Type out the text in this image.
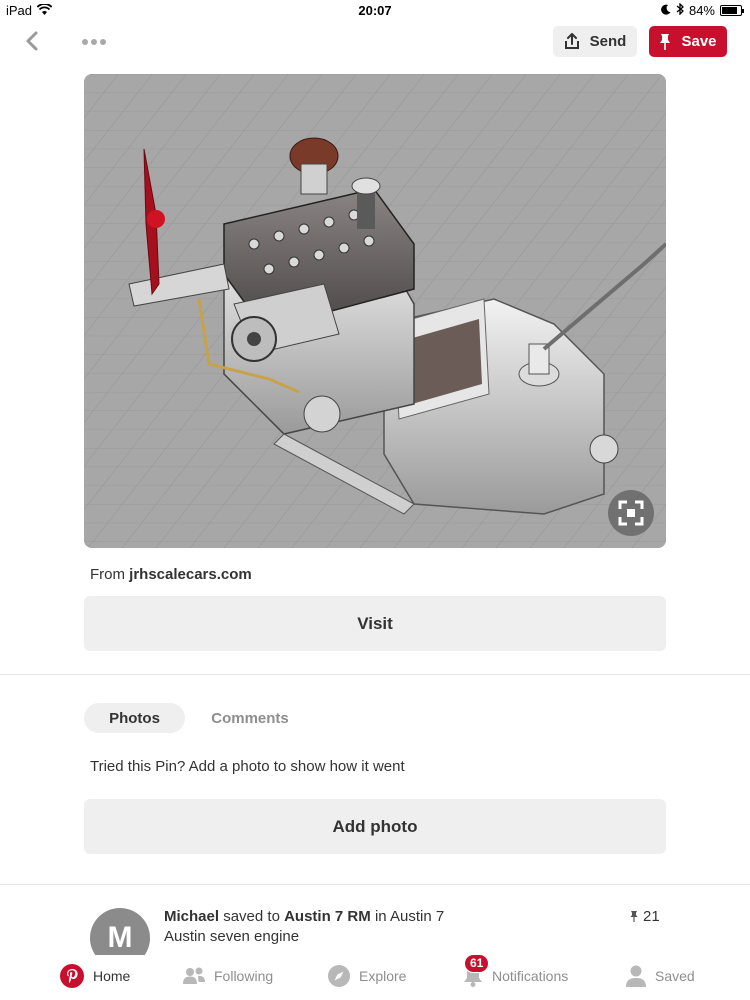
iPad	20:07	84%
Send	Save
From jrhscalecars.com
Visit
Photos	Comments
Tried this Pin? Add a photo to show how it went
Add photo
M
Michael saved to Austin 7 RM in Austin 7
Austin seven engine
21
Home	Following	Explore
61
Notifications	Saved
